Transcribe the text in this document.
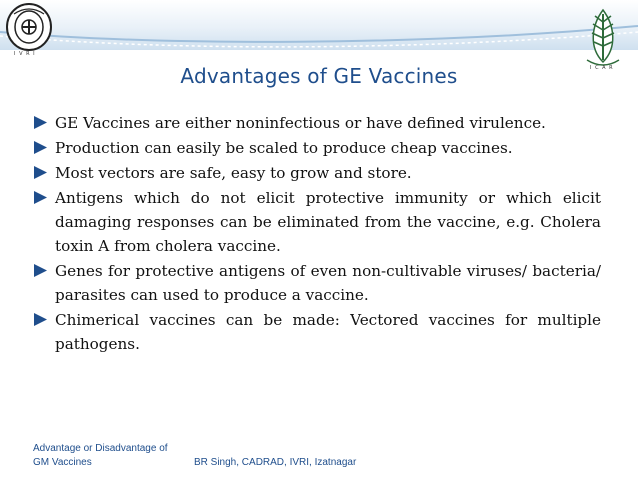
I V R I
I C A R
Advantages of GE Vaccines
GE Vaccines are either noninfectious or have defined virulence.
Production can easily be scaled to produce cheap vaccines.
Most vectors are safe, easy to grow and store.
Antigens which do not elicit protective immunity or which elicit damaging responses can be eliminated from the vaccine, e.g. Cholera toxin A from cholera vaccine.
Genes for protective antigens of even non-cultivable viruses/ bacteria/ parasites can used to produce a vaccine.
Chimerical vaccines can be made: Vectored vaccines for multiple pathogens.
Advantage or Disadvantage of
GM Vaccines	BR Singh, CADRAD, IVRI, Izatnagar
